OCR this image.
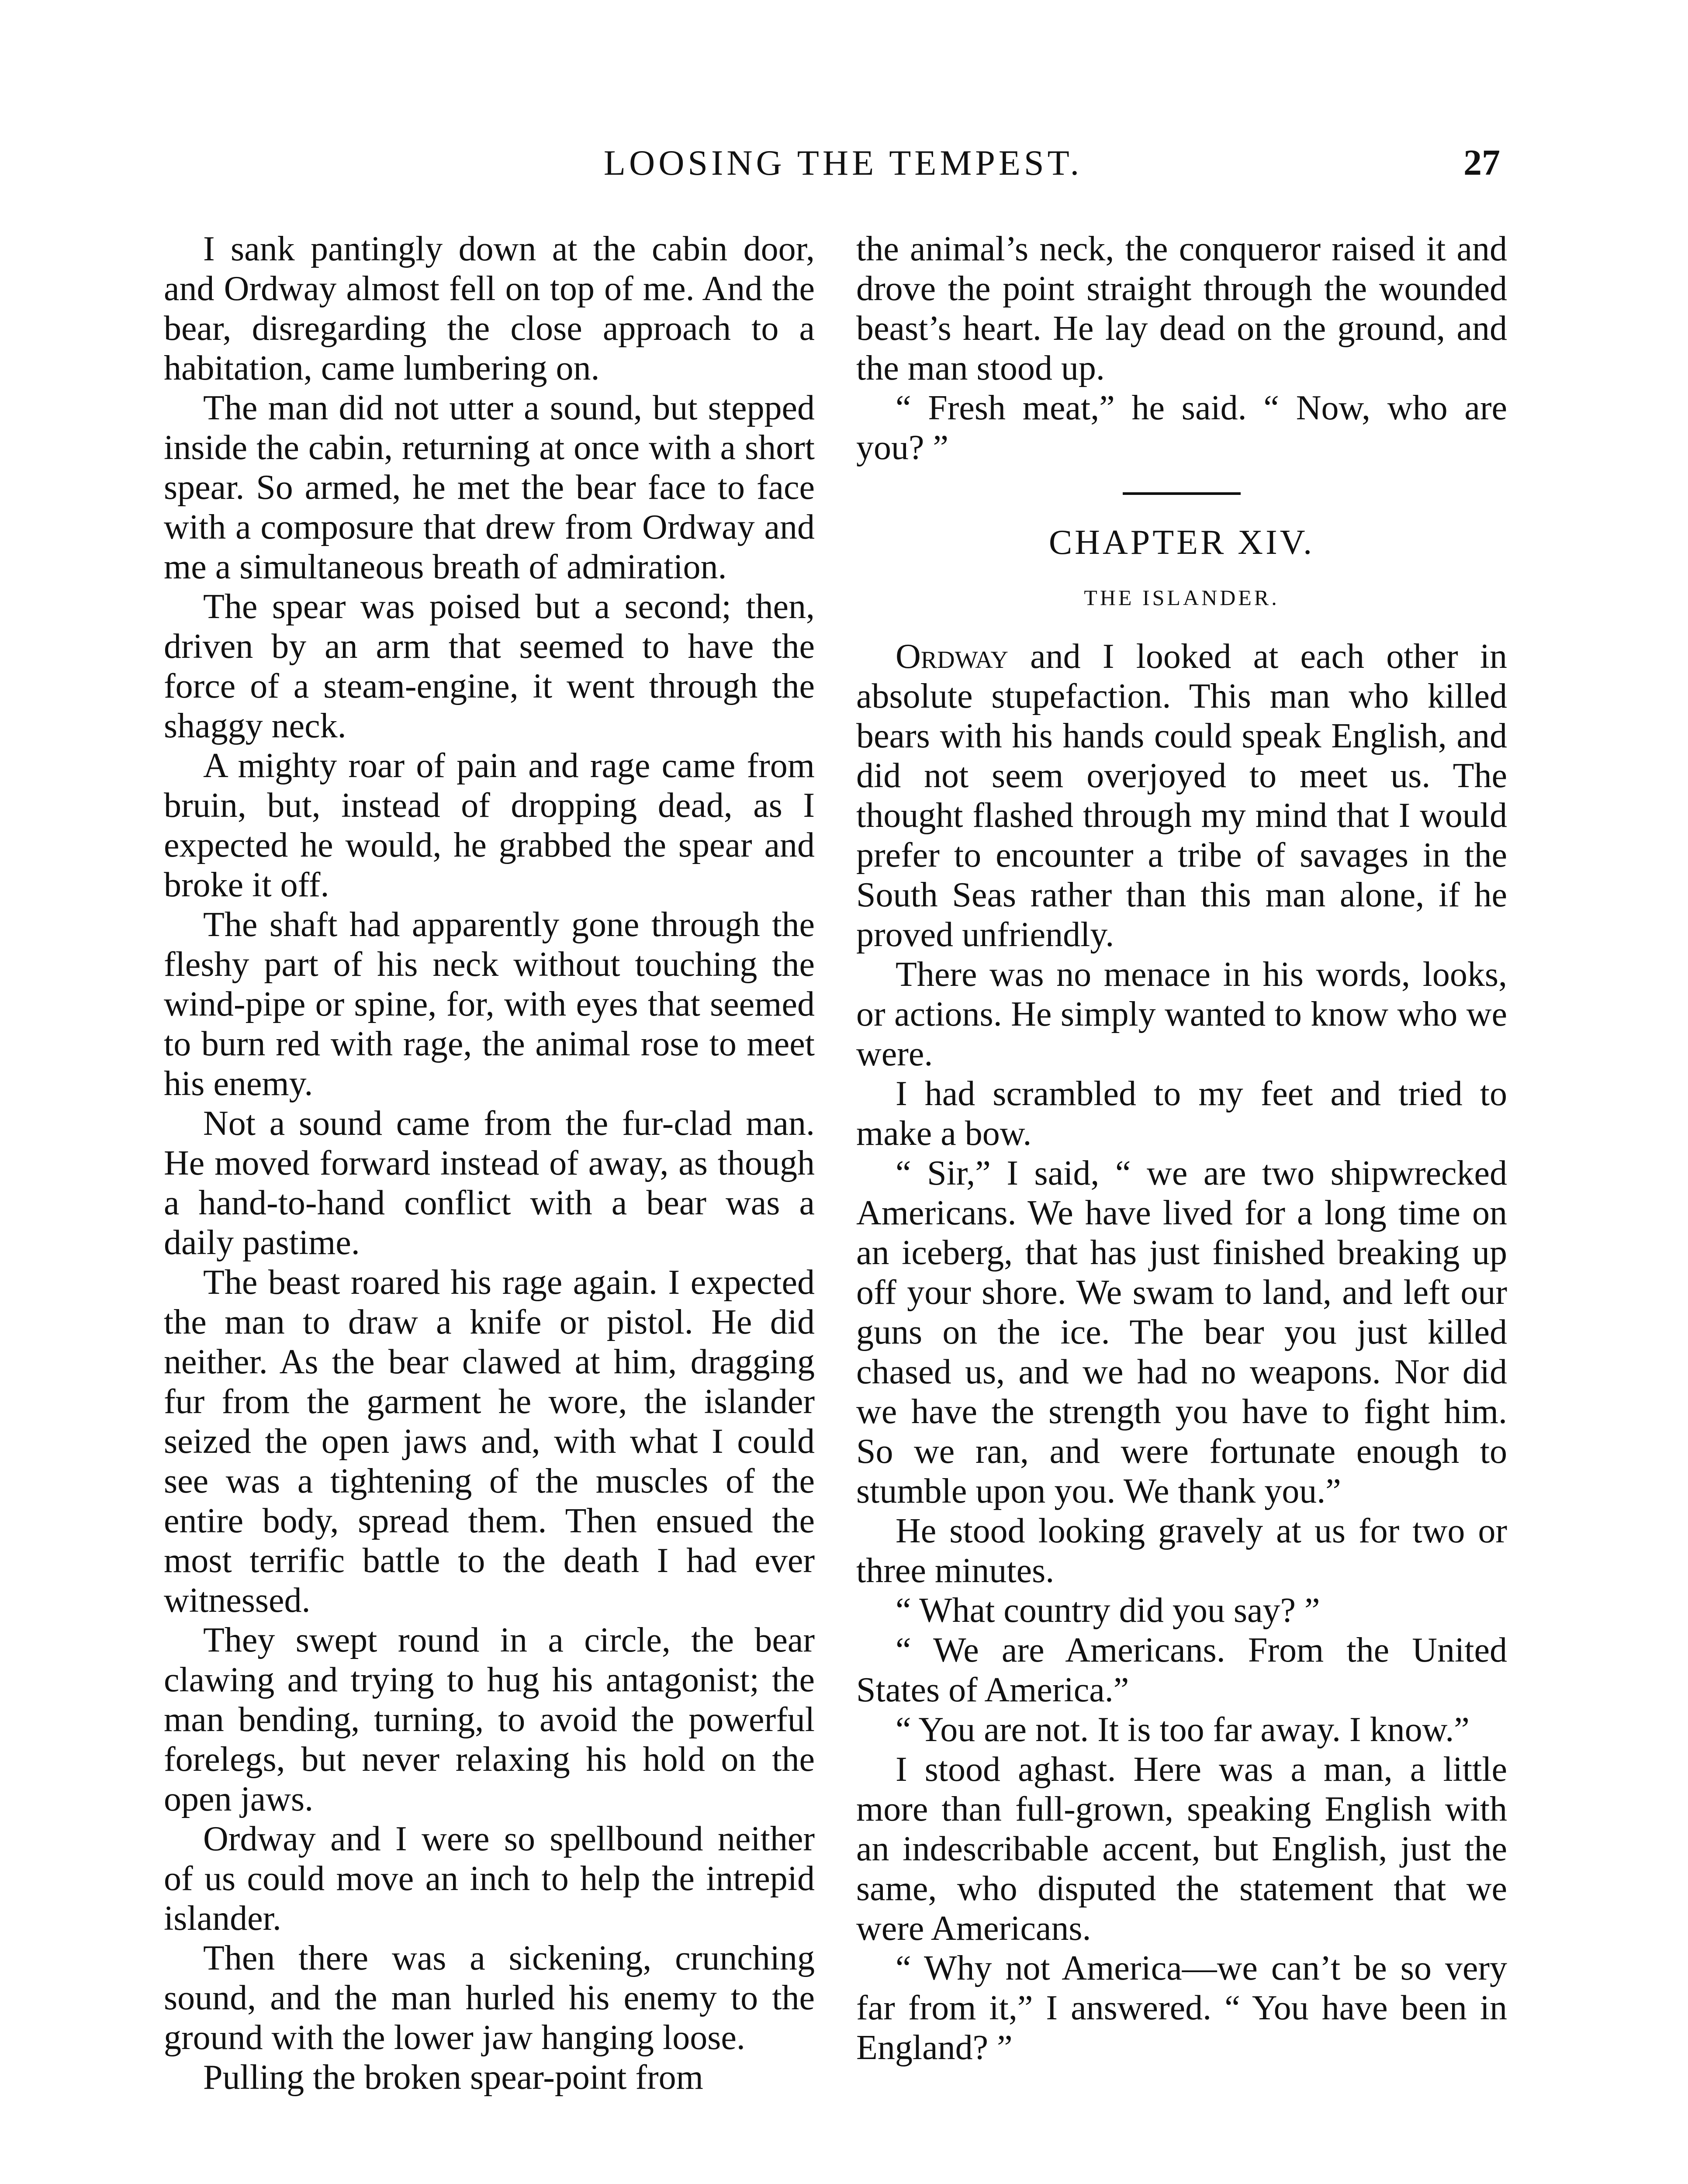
LOOSING THE TEMPEST.	27

I sank pantingly down at the cabin door, and Ordway almost fell on top of me. And the bear, disregarding the close approach to a habitation, came lumbering on.

The man did not utter a sound, but stepped inside the cabin, returning at once with a short spear. So armed, he met the bear face to face with a composure that drew from Ordway and me a simultaneous breath of admiration.

The spear was poised but a second; then, driven by an arm that seemed to have the force of a steam-engine, it went through the shaggy neck.

A mighty roar of pain and rage came from bruin, but, instead of dropping dead, as I expected he would, he grabbed the spear and broke it off.

The shaft had apparently gone through the fleshy part of his neck without touching the wind-pipe or spine, for, with eyes that seemed to burn red with rage, the animal rose to meet his enemy.

Not a sound came from the fur-clad man. He moved forward instead of away, as though a hand-to-hand conflict with a bear was a daily pastime.

The beast roared his rage again. I expected the man to draw a knife or pistol. He did neither. As the bear clawed at him, dragging fur from the garment he wore, the islander seized the open jaws and, with what I could see was a tightening of the muscles of the entire body, spread them. Then ensued the most terrific battle to the death I had ever witnessed.

They swept round in a circle, the bear clawing and trying to hug his antagonist; the man bending, turning, to avoid the powerful forelegs, but never relaxing his hold on the open jaws.

Ordway and I were so spellbound neither of us could move an inch to help the intrepid islander.

Then there was a sickening, crunching sound, and the man hurled his enemy to the ground with the lower jaw hanging loose.

Pulling the broken spear-point from

the animal’s neck, the conqueror raised it and drove the point straight through the wounded beast’s heart. He lay dead on the ground, and the man stood up.

“ Fresh meat,” he said. “ Now, who are you? ”

CHAPTER XIV.
THE ISLANDER.

Ordway and I looked at each other in absolute stupefaction. This man who killed bears with his hands could speak English, and did not seem overjoyed to meet us. The thought flashed through my mind that I would prefer to encounter a tribe of savages in the South Seas rather than this man alone, if he proved unfriendly.

There was no menace in his words, looks, or actions. He simply wanted to know who we were.

I had scrambled to my feet and tried to make a bow.

“ Sir,” I said, “ we are two shipwrecked Americans. We have lived for a long time on an iceberg, that has just finished breaking up off your shore. We swam to land, and left our guns on the ice. The bear you just killed chased us, and we had no weapons. Nor did we have the strength you have to fight him. So we ran, and were fortunate enough to stumble upon you. We thank you.”

He stood looking gravely at us for two or three minutes.

“ What country did you say? ”

“ We are Americans. From the United States of America.”

“ You are not. It is too far away. I know.”

I stood aghast. Here was a man, a little more than full-grown, speaking English with an indescribable accent, but English, just the same, who disputed the statement that we were Americans.

“ Why not America—we can’t be so very far from it,” I answered. “ You have been in England? ”
